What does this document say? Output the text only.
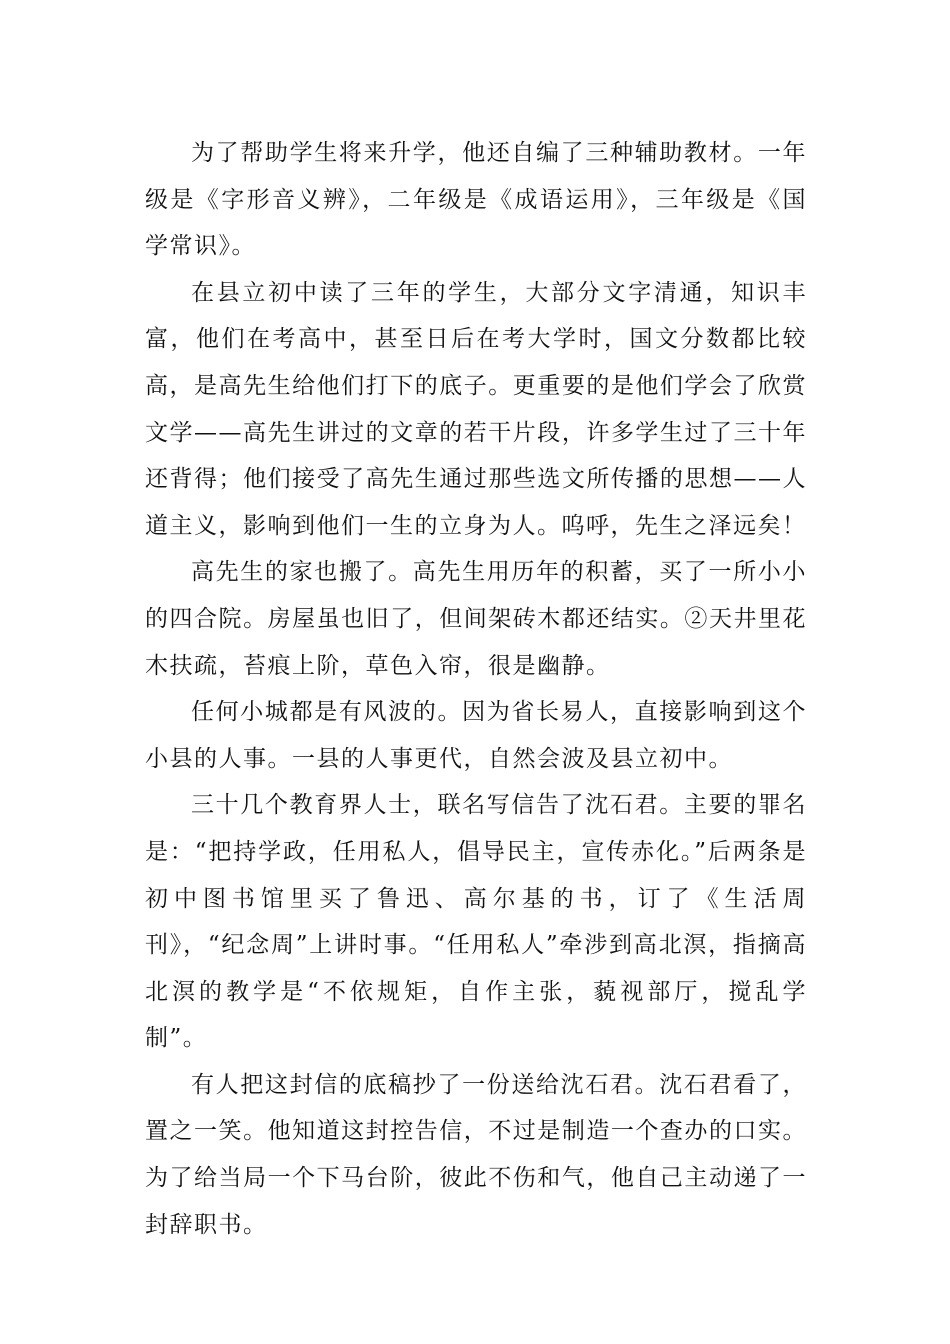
为了帮助学生将来升学，他还自编了三种辅助教材。一年级是《字形音义辨》，二年级是《成语运用》，三年级是《国学常识》。

在县立初中读了三年的学生，大部分文字清通，知识丰富，他们在考高中，甚至日后在考大学时，国文分数都比较高，是高先生给他们打下的底子。更重要的是他们学会了欣赏文学——高先生讲过的文章的若干片段，许多学生过了三十年还背得；他们接受了高先生通过那些选文所传播的思想——人道主义，影响到他们一生的立身为人。呜呼，先生之泽远矣！

高先生的家也搬了。高先生用历年的积蓄，买了一所小小的四合院。房屋虽也旧了，但间架砖木都还结实。②天井里花木扶疏，苔痕上阶，草色入帘，很是幽静。

任何小城都是有风波的。因为省长易人，直接影响到这个小县的人事。一县的人事更代，自然会波及县立初中。

三十几个教育界人士，联名写信告了沈石君。主要的罪名是：“把持学政，任用私人，倡导民主，宣传赤化。”后两条是初中图书馆里买了鲁迅、高尔基的书，订了《生活周刊》，“纪念周”上讲时事。“任用私人”牵涉到高北溟，指摘高北溟的教学是“不依规矩，自作主张，藐视部厅，搅乱学制”。

有人把这封信的底稿抄了一份送给沈石君。沈石君看了，置之一笑。他知道这封控告信，不过是制造一个查办的口实。为了给当局一个下马台阶，彼此不伤和气，他自己主动递了一封辞职书。
